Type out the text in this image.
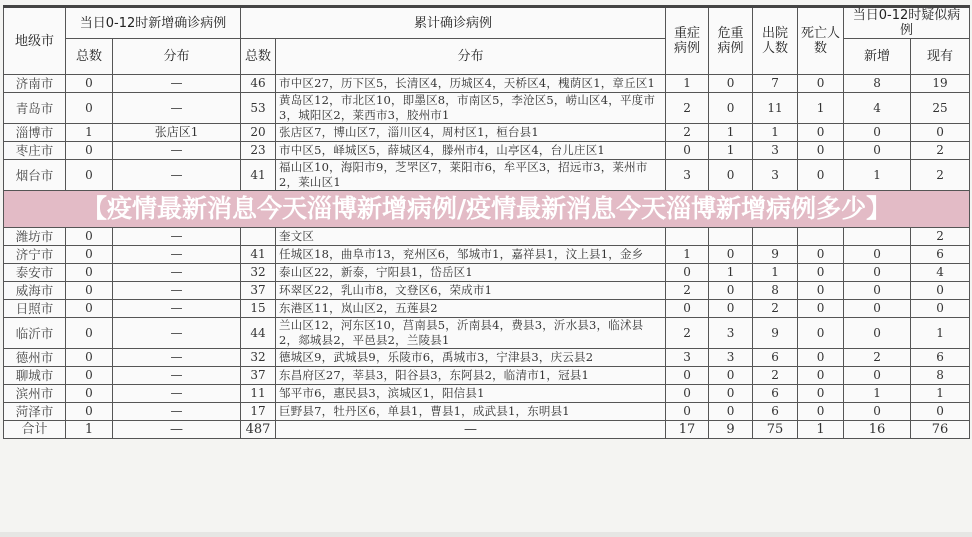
地级市	当日0-12时新增确诊病例		累计确诊病例		重症病例	危重病例	出院人数	死亡人数	当日0-12时疑似病例	
	总数	分布	总数	分布					新增	现有
济南市	0	—	46	市中区27，历下区5，长清区4，历城区4，天桥区4，槐荫区1，章丘区1	1	0	7	0	8	19
青岛市	0	—	53	黄岛区12，市北区10，即墨区8，市南区5，李沧区5，崂山区4，平度市3，城阳区2，莱西市3，胶州市1	2	0	11	1	4	25
淄博市	1	张店区1	20	张店区7，博山区7，淄川区4，周村区1，桓台县1	2	1	1	0	0	0
枣庄市	0	—	23	市中区5，峄城区5，薛城区4，滕州市4，山亭区4，台儿庄区1	0	1	3	0	0	2
烟台市	0	—	41	福山区10，海阳市9，芝罘区7，莱阳市6，牟平区3，招远市3，莱州市2，莱山区1	3	0	3	0	1	2

【疫情最新消息今天淄博新增病例/疫情最新消息今天淄博新增病例多少】										

潍坊市	0	—		奎文区						2
济宁市	0	—	41	任城区18，曲阜市13，兖州区6，邹城市1，嘉祥县1，汶上县1，金乡	1	0	9	0	0	6
泰安市	0	—	32	泰山区22，新泰，宁阳县1，岱岳区1	0	1	1	0	0	4
威海市	0	—	37	环翠区22，乳山市8，文登区6，荣成市1	2	0	8	0	0	0
日照市	0	—	15	东港区11，岚山区2，五莲县2	0	0	2	0	0	0
临沂市	0	—	44	兰山区12，河东区10，莒南县5，沂南县4，费县3，沂水县3，临沭县2，郯城县2，平邑县2，兰陵县1	2	3	9	0	0	1
德州市	0	—	32	德城区9，武城县9，乐陵市6，禹城市3，宁津县3，庆云县2	3	3	6	0	2	6
聊城市	0	—	37	东昌府区27，莘县3，阳谷县3，东阿县2，临清市1，冠县1	0	0	2	0	0	8
滨州市	0	—	11	邹平市6，惠民县3，滨城区1，阳信县1	0	0	6	0	1	1
菏泽市	0	—	17	巨野县7，牡丹区6，单县1，曹县1，成武县1，东明县1	0	0	6	0	0	0
合计	1	—	487	—	17	9	75	1	16	76
